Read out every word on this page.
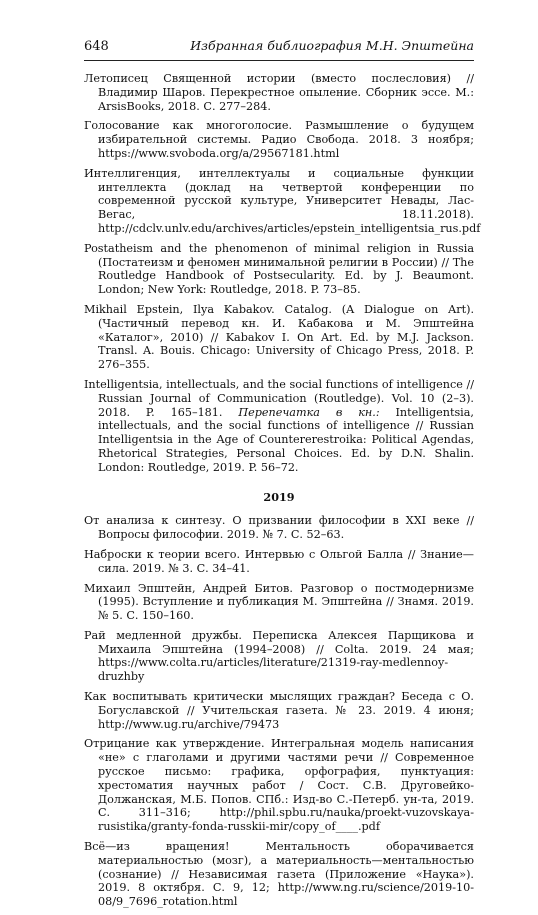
648	Избранная библиография М.Н. Эпштейна

Летописец Священной истории (вместо послесловия) // Владимир Шаров. Перекрестное опыление. Сборник эссе. М.: ArsisBooks, 2018. С. 277–284.

Голосование как многоголосие. Размышление о будущем избирательной системы. Радио Свобода. 2018. 3 ноября; https://www.svoboda.org/a/29567181.html

Интеллигенция, интеллектуалы и социальные функции интеллекта (доклад на четвертой конференции по современной русской культуре, Университет Невады, Лас-Вегас, 18.11.2018). http://cdclv.unlv.edu/archives/articles/epstein_intelligentsia_rus.pdf

Postatheism and the phenomenon of minimal religion in Russia (Постатеизм и феномен минимальной религии в России) // The Routledge Handbook of Postsecularity. Ed. by J. Beaumont. London; New York: Routledge, 2018. P. 73–85.

Mikhail Epstein, Ilya Kabakov. Catalog. (A Dialogue on Art). (Частичный перевод кн. И. Кабакова и М. Эпштейна «Каталог», 2010) // Kabakov I. On Art. Ed. by M.J. Jackson. Transl. A. Bouis. Chicago: University of Chicago Press, 2018. P. 276–355.

Intelligentsia, intellectuals, and the social functions of intelligence // Russian Journal of Communication (Routledge). Vol. 10 (2–3). 2018. P. 165–181. Перепечатка в кн.: Intelligentsia, intellectuals, and the social functions of intelligence // Russian Intelligentsia in the Age of Countererestroika: Political Agendas, Rhetorical Strategies, Personal Choices. Ed. by D.N. Shalin. London: Routledge, 2019. P. 56–72.

2019

От анализа к синтезу. О призвании философии в XXI веке // Вопросы философии. 2019. № 7. С. 52–63.

Наброски к теории всего. Интервью с Ольгой Балла // Знание—сила. 2019. № 3. С. 34–41.

Михаил Эпштейн, Андрей Битов. Разговор о постмодернизме (1995). Вступление и публикация М. Эпштейна // Знамя. 2019. № 5. С. 150–160.

Рай медленной дружбы. Переписка Алексея Парщикова и Михаила Эпштейна (1994–2008) // Colta. 2019. 24 мая; https://www.colta.ru/articles/literature/21319-ray-medlennoy-druzhby

Как воспитывать критически мыслящих граждан? Беседа с О. Богуславской // Учительская газета. № 23. 2019. 4 июня; http://www.ug.ru/archive/79473

Отрицание как утверждение. Интегральная модель написания «не» с глаголами и другими частями речи // Современное русское письмо: графика, орфография, пунктуация: хрестоматия научных работ / Сост. С.В. Друговейко-Должанская, М.Б. Попов. СПб.: Изд-во С.-Петерб. ун-та, 2019. С. 311–316; http://phil.spbu.ru/nauka/proekt-vuzovskaya-rusistika/granty-fonda-russkii-mir/copy_of____.pdf

Всё—из вращения! Ментальность оборачивается материальностью (мозг), а материальность—ментальностью (сознание) // Независимая газета (Приложение «Наука»). 2019. 8 октября. С. 9, 12; http://www.ng.ru/science/2019-10-08/9_7696_rotation.html
